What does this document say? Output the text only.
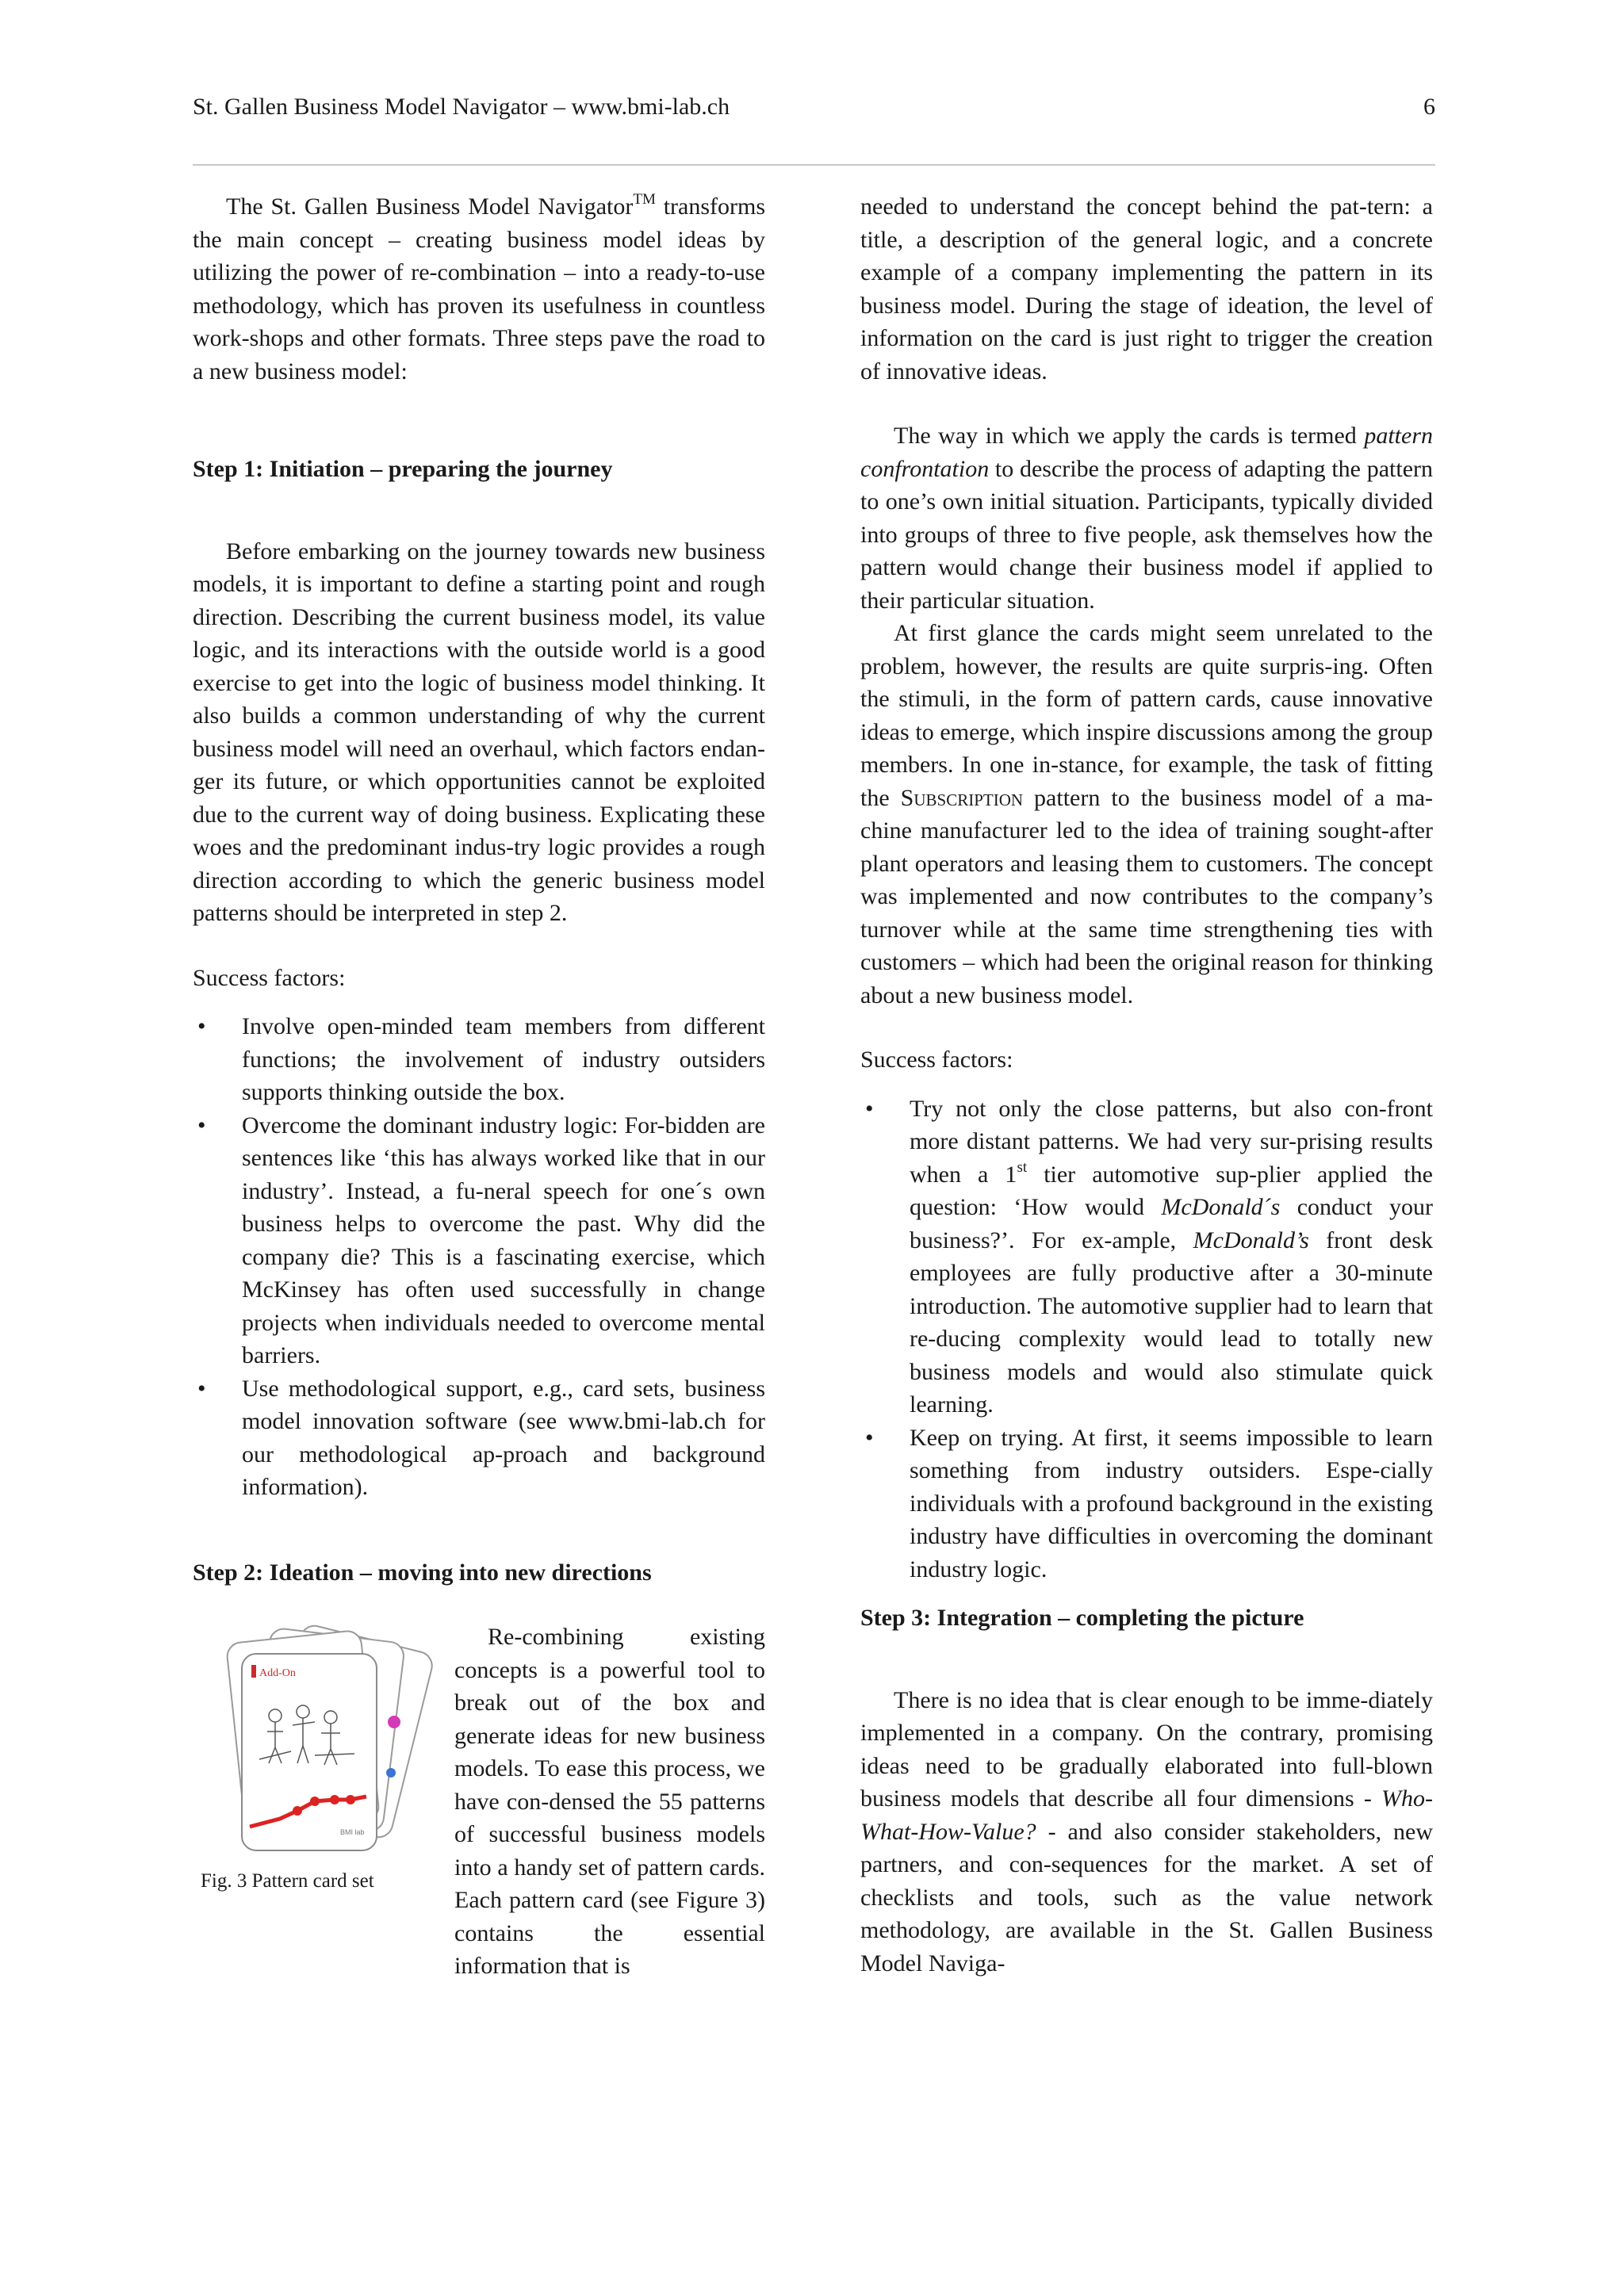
St. Gallen Business Model Navigator – www.bmi-lab.ch	6

The St. Gallen Business Model Navigator™ transforms the main concept – creating business model ideas by utilizing the power of re-combination – into a ready-to-use methodology, which has proven its usefulness in countless work-shops and other formats. Three steps pave the road to a new business model:

Step 1: Initiation – preparing the journey

Before embarking on the journey towards new business models, it is important to define a starting point and rough direction. Describing the current business model, its value logic, and its interactions with the outside world is a good exercise to get into the logic of business model thinking. It also builds a common understanding of why the current business model will need an overhaul, which factors endan-ger its future, or which opportunities cannot be exploited due to the current way of doing business. Explicating these woes and the predominant indus-try logic provides a rough direction according to which the generic business model patterns should be interpreted in step 2.

Success factors:

• Involve open-minded team members from different functions; the involvement of industry outsiders supports thinking outside the box.
• Overcome the dominant industry logic: For-bidden are sentences like ‘this has always worked like that in our industry’. Instead, a fu-neral speech for one´s own business helps to overcome the past. Why did the company die? This is a fascinating exercise, which McKinsey has often used successfully in change projects when individuals needed to overcome mental barriers.
• Use methodological support, e.g., card sets, business model innovation software (see www.bmi-lab.ch for our methodological ap-proach and background information).

Step 2: Ideation – moving into new directions

Add-On
BMI lab
Fig. 3 Pattern card set

Re-combining existing concepts is a powerful tool to break out of the box and generate ideas for new business models. To ease this process, we have con-densed the 55 patterns of successful business models into a handy set of pattern cards. Each pattern card (see Figure 3) contains the essential information that is

needed to understand the concept behind the pat-tern: a title, a description of the general logic, and a concrete example of a company implementing the pattern in its business model. During the stage of ideation, the level of information on the card is just right to trigger the creation of innovative ideas.

The way in which we apply the cards is termed pattern confrontation to describe the process of adapting the pattern to one’s own initial situation. Participants, typically divided into groups of three to five people, ask themselves how the pattern would change their business model if applied to their particular situation.

At first glance the cards might seem unrelated to the problem, however, the results are quite surpris-ing. Often the stimuli, in the form of pattern cards, cause innovative ideas to emerge, which inspire discussions among the group members. In one in-stance, for example, the task of fitting the Subscription pattern to the business model of a ma-chine manufacturer led to the idea of training sought-after plant operators and leasing them to customers. The concept was implemented and now contributes to the company’s turnover while at the same time strengthening ties with customers – which had been the original reason for thinking about a new business model.

Success factors:

• Try not only the close patterns, but also con-front more distant patterns. We had very sur-prising results when a 1st tier automotive sup-plier applied the question: ‘How would McDonald´s conduct your business?’. For ex-ample, McDonald’s front desk employees are fully productive after a 30-minute introduction. The automotive supplier had to learn that re-ducing complexity would lead to totally new business models and would also stimulate quick learning.
• Keep on trying. At first, it seems impossible to learn something from industry outsiders. Espe-cially individuals with a profound background in the existing industry have difficulties in overcoming the dominant industry logic.

Step 3: Integration – completing the picture

There is no idea that is clear enough to be imme-diately implemented in a company. On the contrary, promising ideas need to be gradually elaborated into full-blown business models that describe all four dimensions - Who-What-How-Value? - and also consider stakeholders, new partners, and con-sequences for the market. A set of checklists and tools, such as the value network methodology, are available in the St. Gallen Business Model Naviga-
